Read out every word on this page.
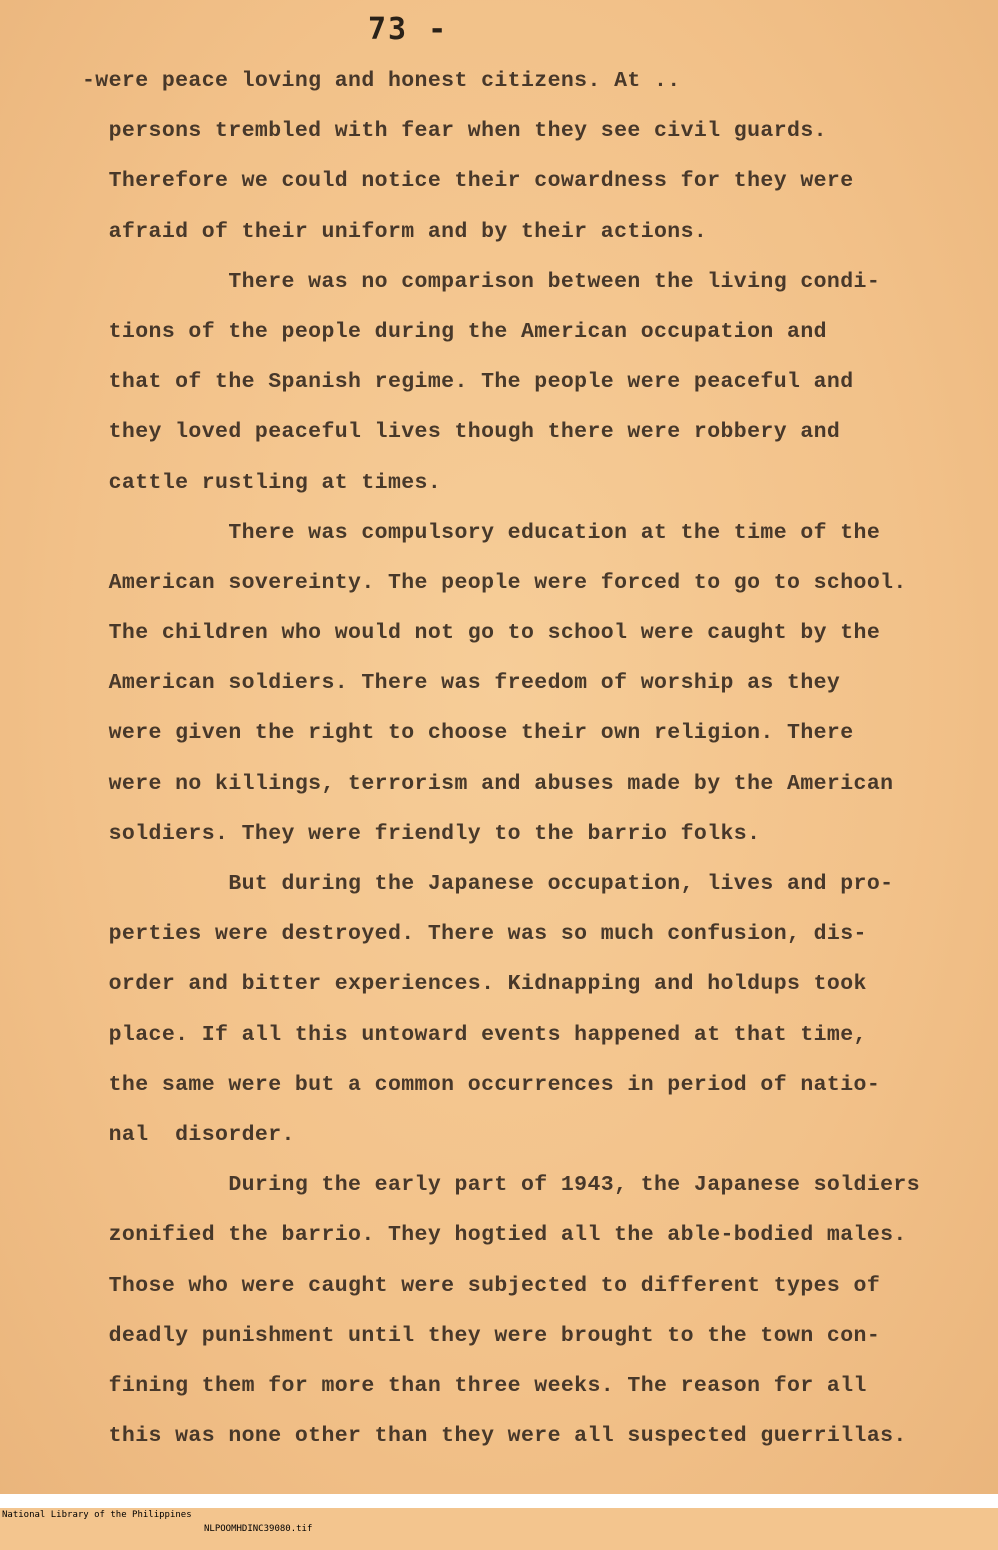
73 -
-were peace loving and honest citizens. At ..
persons trembled with fear when they see civil guards.
Therefore we could notice their cowardness for they were
afraid of their uniform and by their actions.
There was no comparison between the living condi-
tions of the people during the American occupation and
that of the Spanish regime. The people were peaceful and
they loved peaceful lives though there were robbery and
cattle rustling at times.
There was compulsory education at the time of the
American sovereinty. The people were forced to go to school.
The children who would not go to school were caught by the
American soldiers. There was freedom of worship as they
were given the right to choose their own religion. There
were no killings, terrorism and abuses made by the American
soldiers. They were friendly to the barrio folks.
But during the Japanese occupation, lives and pro-
perties were destroyed. There was so much confusion, dis-
order and bitter experiences. Kidnapping and holdups took
place. If all this untoward events happened at that time,
the same were but a common occurrences in period of natio-
nal  disorder.
During the early part of 1943, the Japanese soldiers
zonified the barrio. They hogtied all the able-bodied males.
Those who were caught were subjected to different types of
deadly punishment until they were brought to the town con-
fining them for more than three weeks. The reason for all
this was none other than they were all suspected guerrillas.

National Library of the Philippines

NLPOOMHDINC39080.tif
